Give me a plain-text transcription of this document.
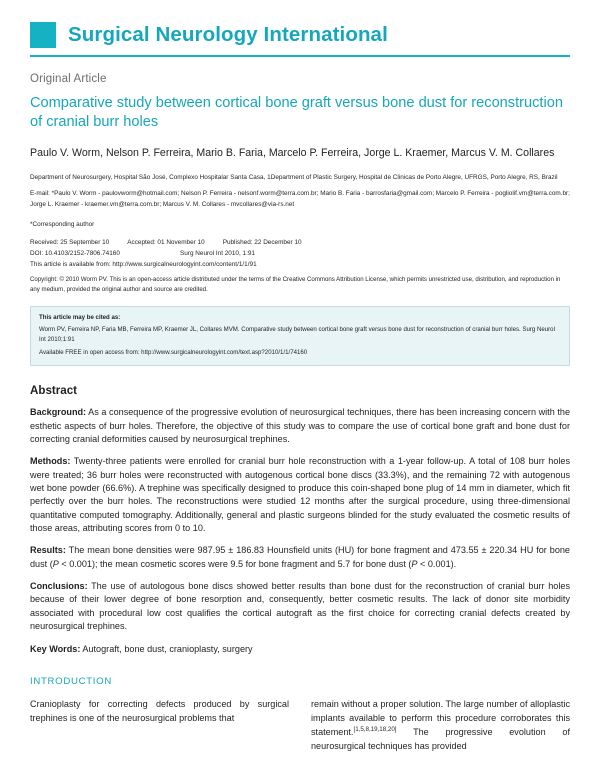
Surgical Neurology International
Original Article
Comparative study between cortical bone graft versus bone dust for reconstruction of cranial burr holes
Paulo V. Worm, Nelson P. Ferreira, Mario B. Faria, Marcelo P. Ferreira, Jorge L. Kraemer, Marcus V. M. Collares
Department of Neurosurgery, Hospital São José, Complexo Hospitalar Santa Casa, 1Department of Plastic Surgery, Hospital de Clinicas de Porto Alegre, UFRGS, Porto Alegre, RS, Brazil
E-mail: *Paulo V. Worm - paulovworm@hotmail.com; Nelson P. Ferreira - nelsonf.worm@terra.com.br; Mario B. Faria - barrosfaria@gmail.com; Marcelo P. Ferreira - pogliolif.vm@terra.com.br; Jorge L. Kraemer - kraemer.vm@terra.com.br; Marcus V. M. Collares - mvcollares@via-rs.net
*Corresponding author
Received: 25 September 10	Accepted: 01 November 10	Published: 22 December 10
DOI: 10.4103/2152-7806.74160	Surg Neurol Int 2010, 1:91
This article is available from: http://www.surgicalneurologyint.com/content/1/1/91
Copyright: © 2010 Worm PV. This is an open-access article distributed under the terms of the Creative Commons Attribution License, which permits unrestricted use, distribution, and reproduction in any medium, provided the original author and source are credited.
This article may be cited as:
Worm PV, Ferreira NP, Faria MB, Ferreira MP, Kraemer JL, Collares MVM. Comparative study between cortical bone graft versus bone dust for reconstruction of cranial burr holes. Surg Neurol Int 2010;1:91
Available FREE in open access from: http://www.surgicalneurologyint.com/text.asp?2010/1/1/74160
Abstract

Background: As a consequence of the progressive evolution of neurosurgical techniques, there has been increasing concern with the esthetic aspects of burr holes. Therefore, the objective of this study was to compare the use of cortical bone graft and bone dust for correcting cranial deformities caused by neurosurgical trephines.

Methods: Twenty-three patients were enrolled for cranial burr hole reconstruction with a 1-year follow-up. A total of 108 burr holes were treated; 36 burr holes were reconstructed with autogenous cortical bone discs (33.3%), and the remaining 72 with autogenous wet bone powder (66.6%). A trephine was specifically designed to produce this coin-shaped bone plug of 14 mm in diameter, which fit perfectly over the burr holes. The reconstructions were studied 12 months after the surgical procedure, using three-dimensional quantitative computed tomography. Additionally, general and plastic surgeons blinded for the study evaluated the cosmetic results of those areas, attributing scores from 0 to 10.

Results: The mean bone densities were 987.95 ± 186.83 Hounsfield units (HU) for bone fragment and 473.55 ± 220.34 HU for bone dust (P < 0.001); the mean cosmetic scores were 9.5 for bone fragment and 5.7 for bone dust (P < 0.001).

Conclusions: The use of autologous bone discs showed better results than bone dust for the reconstruction of cranial burr holes because of their lower degree of bone resorption and, consequently, better cosmetic results. The lack of donor site morbidity associated with procedural low cost qualifies the cortical autograft as the first choice for correcting cranial defects created by neurosurgical trephines.

Key Words: Autograft, bone dust, cranioplasty, surgery

INTRODUCTION
Cranioplasty for correcting defects produced by surgical trephines is one of the neurosurgical problems that
remain without a proper solution. The large number of alloplastic implants available to perform this procedure corroborates this statement.[1,5,8,19,18,20] The progressive evolution of neurosurgical techniques has provided
